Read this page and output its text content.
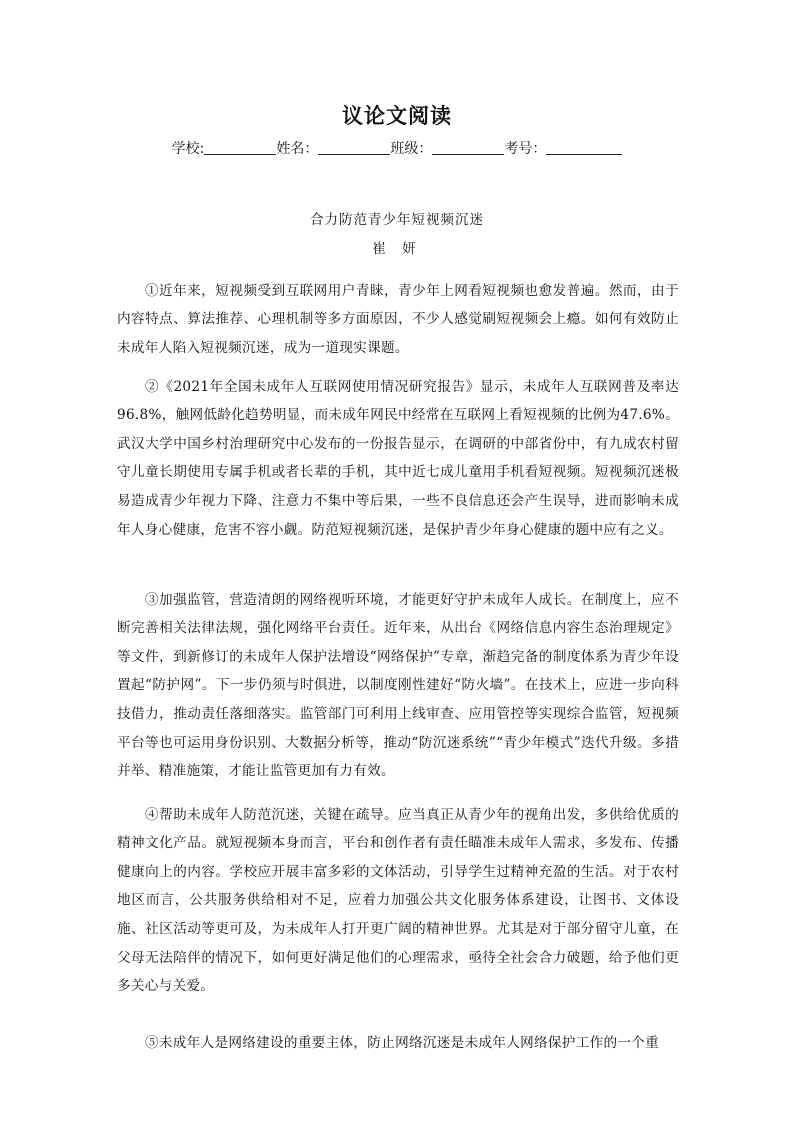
议论文阅读
学校:	姓名：	班级：	考号：
合力防范青少年短视频沉迷
崔 妍

①近年来，短视频受到互联网用户青睐，青少年上网看短视频也愈发普遍。然而，由于内容特点、算法推荐、心理机制等多方面原因，不少人感觉刷短视频会上瘾。如何有效防止未成年人陷入短视频沉迷，成为一道现实课题。

②《2021年全国未成年人互联网使用情况研究报告》显示，未成年人互联网普及率达96.8%，触网低龄化趋势明显，而未成年网民中经常在互联网上看短视频的比例为47.6%。武汉大学中国乡村治理研究中心发布的一份报告显示，在调研的中部省份中，有九成农村留守儿童长期使用专属手机或者长辈的手机，其中近七成儿童用手机看短视频。短视频沉迷极易造成青少年视力下降、注意力不集中等后果，一些不良信息还会产生误导，进而影响未成年人身心健康，危害不容小觑。防范短视频沉迷，是保护青少年身心健康的题中应有之义。

③加强监管，营造清朗的网络视听环境，才能更好守护未成年人成长。在制度上，应不断完善相关法律法规，强化网络平台责任。近年来，从出台《网络信息内容生态治理规定》等文件，到新修订的未成年人保护法增设“网络保护”专章，渐趋完备的制度体系为青少年设置起“防护网”。下一步仍须与时俱进，以制度刚性建好“防火墙”。在技术上，应进一步向科技借力，推动责任落细落实。监管部门可利用上线审查、应用管控等实现综合监管，短视频平台等也可运用身份识别、大数据分析等，推动“防沉迷系统”“青少年模式”迭代升级。多措并举、精准施策，才能让监管更加有力有效。

④帮助未成年人防范沉迷，关键在疏导。应当真正从青少年的视角出发，多供给优质的精神文化产品。就短视频本身而言，平台和创作者有责任瞄准未成年人需求，多发布、传播健康向上的内容。学校应开展丰富多彩的文体活动，引导学生过精神充盈的生活。对于农村地区而言，公共服务供给相对不足，应着力加强公共文化服务体系建设，让图书、文体设施、社区活动等更可及，为未成年人打开更广阔的精神世界。尤其是对于部分留守儿童，在父母无法陪伴的情况下，如何更好满足他们的心理需求，亟待全社会合力破题，给予他们更多关心与关爱。

⑤未成年人是网络建设的重要主体，防止网络沉迷是未成年人网络保护工作的一个重
